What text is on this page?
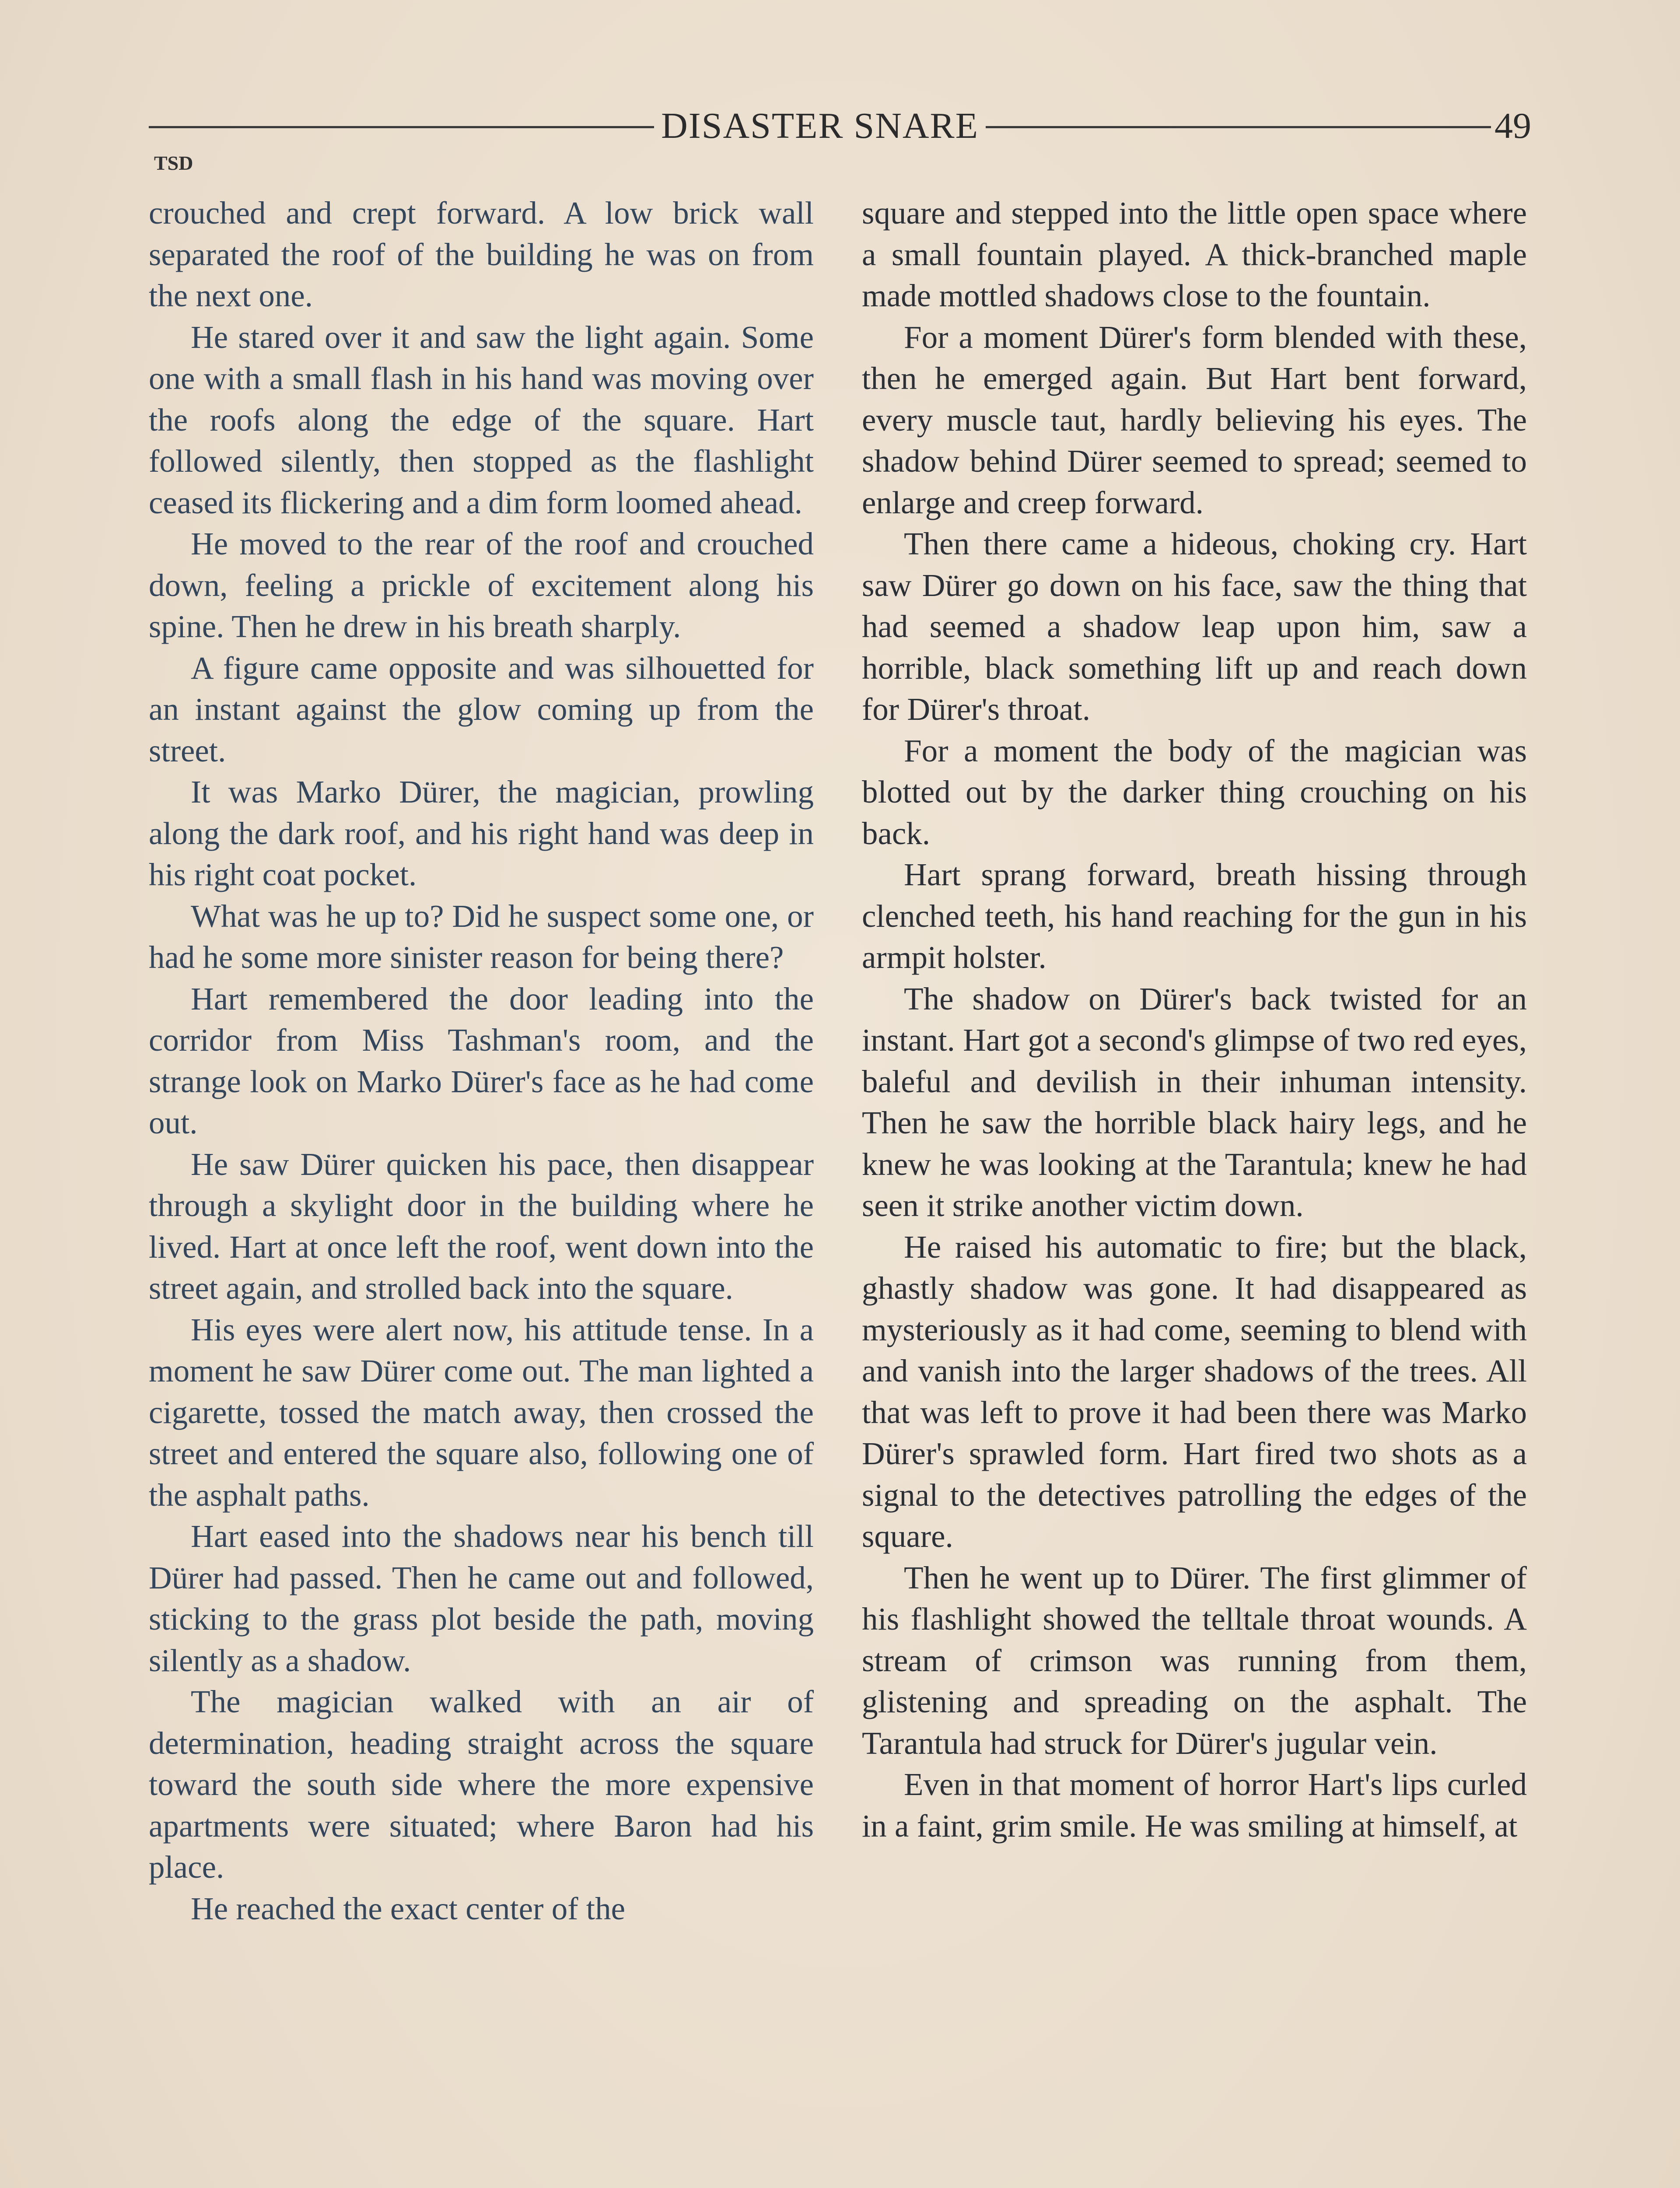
DISASTER SNARE	49
TSD

crouched and crept forward. A low brick wall separated the roof of the building he was on from the next one.

He stared over it and saw the light again. Some one with a small flash in his hand was moving over the roofs along the edge of the square. Hart followed silently, then stopped as the flashlight ceased its flickering and a dim form loomed ahead.

He moved to the rear of the roof and crouched down, feeling a prickle of excitement along his spine. Then he drew in his breath sharply.

A figure came opposite and was silhouetted for an instant against the glow coming up from the street.

It was Marko Dürer, the magician, prowling along the dark roof, and his right hand was deep in his right coat pocket.

What was he up to? Did he suspect some one, or had he some more sinister reason for being there?

Hart remembered the door leading into the corridor from Miss Tashman's room, and the strange look on Marko Dürer's face as he had come out.

He saw Dürer quicken his pace, then disappear through a skylight door in the building where he lived. Hart at once left the roof, went down into the street again, and strolled back into the square.

His eyes were alert now, his attitude tense. In a moment he saw Dürer come out. The man lighted a cigarette, tossed the match away, then crossed the street and entered the square also, following one of the asphalt paths.

Hart eased into the shadows near his bench till Dürer had passed. Then he came out and followed, sticking to the grass plot beside the path, moving silently as a shadow.

The magician walked with an air of determination, heading straight across the square toward the south side where the more expensive apartments were situated; where Baron had his place.

He reached the exact center of the

square and stepped into the little open space where a small fountain played. A thick-branched maple made mottled shadows close to the fountain.

For a moment Dürer's form blended with these, then he emerged again. But Hart bent forward, every muscle taut, hardly believing his eyes. The shadow behind Dürer seemed to spread; seemed to enlarge and creep forward.

Then there came a hideous, choking cry. Hart saw Dürer go down on his face, saw the thing that had seemed a shadow leap upon him, saw a horrible, black something lift up and reach down for Dürer's throat.

For a moment the body of the magician was blotted out by the darker thing crouching on his back.

Hart sprang forward, breath hissing through clenched teeth, his hand reaching for the gun in his armpit holster.

The shadow on Dürer's back twisted for an instant. Hart got a second's glimpse of two red eyes, baleful and devilish in their inhuman intensity. Then he saw the horrible black hairy legs, and he knew he was looking at the Tarantula; knew he had seen it strike another victim down.

He raised his automatic to fire; but the black, ghastly shadow was gone. It had disappeared as mysteriously as it had come, seeming to blend with and vanish into the larger shadows of the trees. All that was left to prove it had been there was Marko Dürer's sprawled form. Hart fired two shots as a signal to the detectives patrolling the edges of the square.

Then he went up to Dürer. The first glimmer of his flashlight showed the telltale throat wounds. A stream of crimson was running from them, glistening and spreading on the asphalt. The Tarantula had struck for Dürer's jugular vein.

Even in that moment of horror Hart's lips curled in a faint, grim smile. He was smiling at himself, at
